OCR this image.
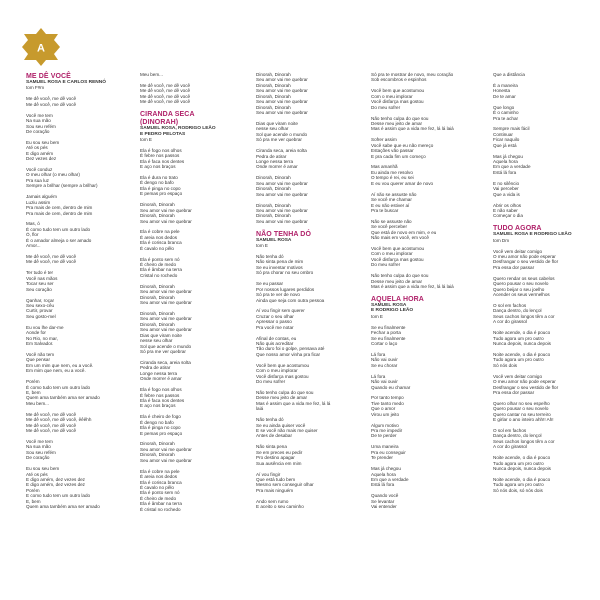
A
ME DÊ VOCÊ
SAMUEL ROSA E CARLOS RENNÓ
tom F#m
Me dê você, me dê você
Me dê você, me dê você
Você me tem
Na sua mão
Sou seu refém
De coração
Eu sou seu bem
Até os pés
E digo amém
Dez vezes dez
Você conduz
O meu olhar (o meu olhar)
Pra sua luz
Sempre a brilhar (sempre a brilhar)
Jamais alguém
Luziu assim
Pra mais de cem, dentro de mim
Pra mais de cem, dentro de mim
Mas, ó
É como tudo tem um outro lado
Ó, flor
É o amador almeja o ser amado
Amor...
Me dê você, me dê você
Me dê você, me dê você
Ter tudo é ter
Você nas mãos
Tocar seu ser
Seu coração
Qanhar, roçar
Seu sexo-cêu
Curtir, provar
Seu gosto-mel
Eu vou lhe dar-me
Aonde for
No Rio, no mar,
Em Salvador.
Você não tem
Que pensar
Em um mim que nem, eu a você.
Em mim que nem, eu a você.
Porém
É como tudo tem um outro lado
E, bem
Quem ama também ama ser amado
Meu bem...
Me dê você, me dê você
Me dê você, me dê você, êêêhh
Me dê você, me dê você
Me dê você, me dê você
Você me tem
Na sua mão
Sou seu refém
De coração
Eu sou seu bem
Até os pés
E digo amém, dez vezes dez
E digo amém, dez vezes dez
Porém
E como tudo tem um outro lado
E, bem
Quem ama também ama ser amado
Meu bem...
Me dê você, me dê você
Me dê você, me dê você
Me dê você, me dê você
Me dê você, me dê você
CIRANDA SECA
(DINORAH)
SAMUEL ROSA, RODRIGO LEÃO
E PEDRO PELOTAS
tom E
Ela é fogo nos olhos
É febre nos passos
Ela é faca nos dentes
E aço nos braços
Ela é dura no trato
É dengo no bafo
Ela é pinga no copo
E pemas pro espaço
Dinorah, Dinorah
Seu amor vai me quebrar
Dinorah, Dinorah
Seu amor vai me quebrar
Ela é cobre na pele
É areia nos dedos
Ela é corisca branca
É cavalo no pêlo
Ela é ponto sem nó
É cheiro de medo
Ela é âmbar na terra
Cristal no rochedo
Dinorah, Dinorah
Seu amor vai me quebrar
Dinorah, Dinorah
Seu amor vai me quebrar
Dinorah, Dinorah
Seu amor vai me quebrar
Dinorah, Dinorah
Seu amor vai me quebrar
Dias que viram noite
nesse seu olhar
Sol que acende o mundo
Só pra me ver quebrar
Ciranda seca, areia solta
Pedra de atirar
Longe nessa terra
Onde morrer é amar
Ela é fogo nos olhos
É febre nos passos
Ela é faca nos dentes
E aço nos braços
Ela é cheiro de fogo
É dengo no bafo
Ela é pinga no copo
E pemas pro espaço
Dinorah, Dinorah
Seu amor vai me quebrar
Dinorah, Dinorah
Seu amor vai me quebrar
Ela é cobre na pele
É areia nos dedos
Ela é corisca branca
É cavalo no pêlo
Ela é ponto sem nó
É cheiro de medo
Ela é âmbar na terra
É cristal no rochedo
Dinorah, Dinorah
Seu amor vai me quebrar
Dinorah, Dinorah
Seu amor vai me quebrar
Dinorah, Dinorah
Seu amor vai me quebrar
Dinorah, Dinorah
Seu amor vai me quebrar
Dias que viram noite
nesse seu olhar
Sol que acende o mundo
Só pra me ver quebrar
Ciranda seca, areia solta
Pedra de atirar
Longe nessa terra
Onde morrer é amar
Dinorah, Dinorah
Seu amor vai me quebrar
Dinorah, Dinorah
Seu amor vai me quebrar
Dinorah, Dinorah
Seu amor vai me quebrar
Dinorah, Dinorah
Seu amor vai me quebrar
NÃO TENHA DÓ
SAMUEL ROSA
tom E
Não tenha dó
Não sinta pena de mim
Se eu inventar motivos
Só pra chorar no seu ombro
Se eu passar
Por nossos lugares perdidos
Só pra te ver de novo
Ainda que seja com outra pessoa
Aí vou fingir sem querer
Cruzar o seu olhar
Apressar o passo
Pra você me notar
Afinal de contas, eu
Não quis acreditar
Tão duro foi o golpe, pensava até
Que nosso amor vinha pra ficar
Você bem que acostumou
Com o meu implorar
Você disfarça mas gostou
Do meu sofrer
Não tenho culpa do que sou
Desse meu jeito de amar
Mas é assim que a vida me fez, lá lá
laiá
Não tenha dó
Se eu ainda quiser você
E se você não mais me quiser
Antes de desabar
Não sinta pena
Se em preces eu pedir
Pro destino apagar
Sua ausência em mim
Aí vou fingir
Que está tudo bem
Mesmo sem conseguir olhar
Pra mais ninguém
Ando sem rumo
E aceito o seu caminho
Só pra te mostrar de novo, meu coração
Sob escombros e espinhos
Você bem que acostumou
Com o meu implorar
Você disfarça mas gostou
Do meu sofrer
Não tenho culpa do que sou
Desse meu jeito de amar
Mas é assim que a vida me fez, lá lá laiá
Sofrer assim
Você sabe que eu não mereço
Estações vão passar
E pra cada fim um começo
Mas amanhã
Eu ainda me resolvo
O tempo é rei, eu sei
E eu vou querer amar de novo
Aí não se assuste não
Se você me chamar
E eu não estiver aí
Pra te buscar
Não se assuste não
Se você perceber
Que está de novo em mim, e eu
Não mais em você, em você
Você bem que acostumou
Com o meu implorar
Você disfarça mas gostou
Do meu sofrer
Não tenho culpa do que sou
Desse meu jeito de amar
Mas é assim que a vida me fez, lá lá laiá
AQUELA HORA
SAMUEL ROSA
E RODRIGO LEÃO
tom E
Se eu finalmente
Fechar a porta
Se eu finalmente
Cortar o laço
Lá fora
Não vai ouvir
Se eu chorar
Lá fora
Não vai ouvir
Quando eu chamar
Por tanto tempo
Tive tanto medo
Que o amor
Virou um jeito
Algum motivo
Pra me impedir
De te perder
Uma maneira
Pra eu conseguir
Te prender
Mas já chegou
Aquela hora
Em que a verdade
Está lá fora
Quando você
Se levantar
Vai entender
Que a distância
É a maneira
Honesta
De te amar
Que longo
É o caminho
Pra te achar
Sempre mais fácil
Continuar
Ficar naquilo
Que já está
Mas já chegou
Aquela hora
Em que a verdade
Está lá fora
E no silêncio
Vai perceber
Que a vida is
Abrir os olhos
E não saber
Começar o dia
TUDO AGORA
SAMUEL ROSA E RODRIGO LEÃO
tom Dm
Você vem deitar comigo
O meu amor não pode esperar
Desfrangar o seu vestido de flor
Pra essa dor passar
Quero rendar os seus cabelos
Quero pousar o seu novelo
Quero beijar o seu joelho
Acender os seus vermelhos
O sol em fachos
Dança dentro, do lençol
Seus cachos longos têm a cor
A cor do girassol
Noite acende, o dia é pouco
Tudo agora um pro outro
Nunca depois, nunca depois
Noite acende, o dia é pouco
Tudo agora um pro outro
Só nós dois
Você vem deitar comigo
O meu amor não pode esperar
Desfrangar o seu vestido de flor
Pra essa dor passar
Quero olhar no seu espelho
Quero pousar o seu novelo
Quero cantar no seu terreiro
E girlar o ano inteiro ahh!! Ah!
O sol em fachos
Dança dentro, do lençol
Seus cachos longos têm a cor
A cor do girassol
Noite acende, o dia é pouco
Tudo agora um pro outro
Nunca depois, nunca depois
Noite acende, o dia é pouco
Tudo agora um pro outro
Só nós dois, só nós dois
